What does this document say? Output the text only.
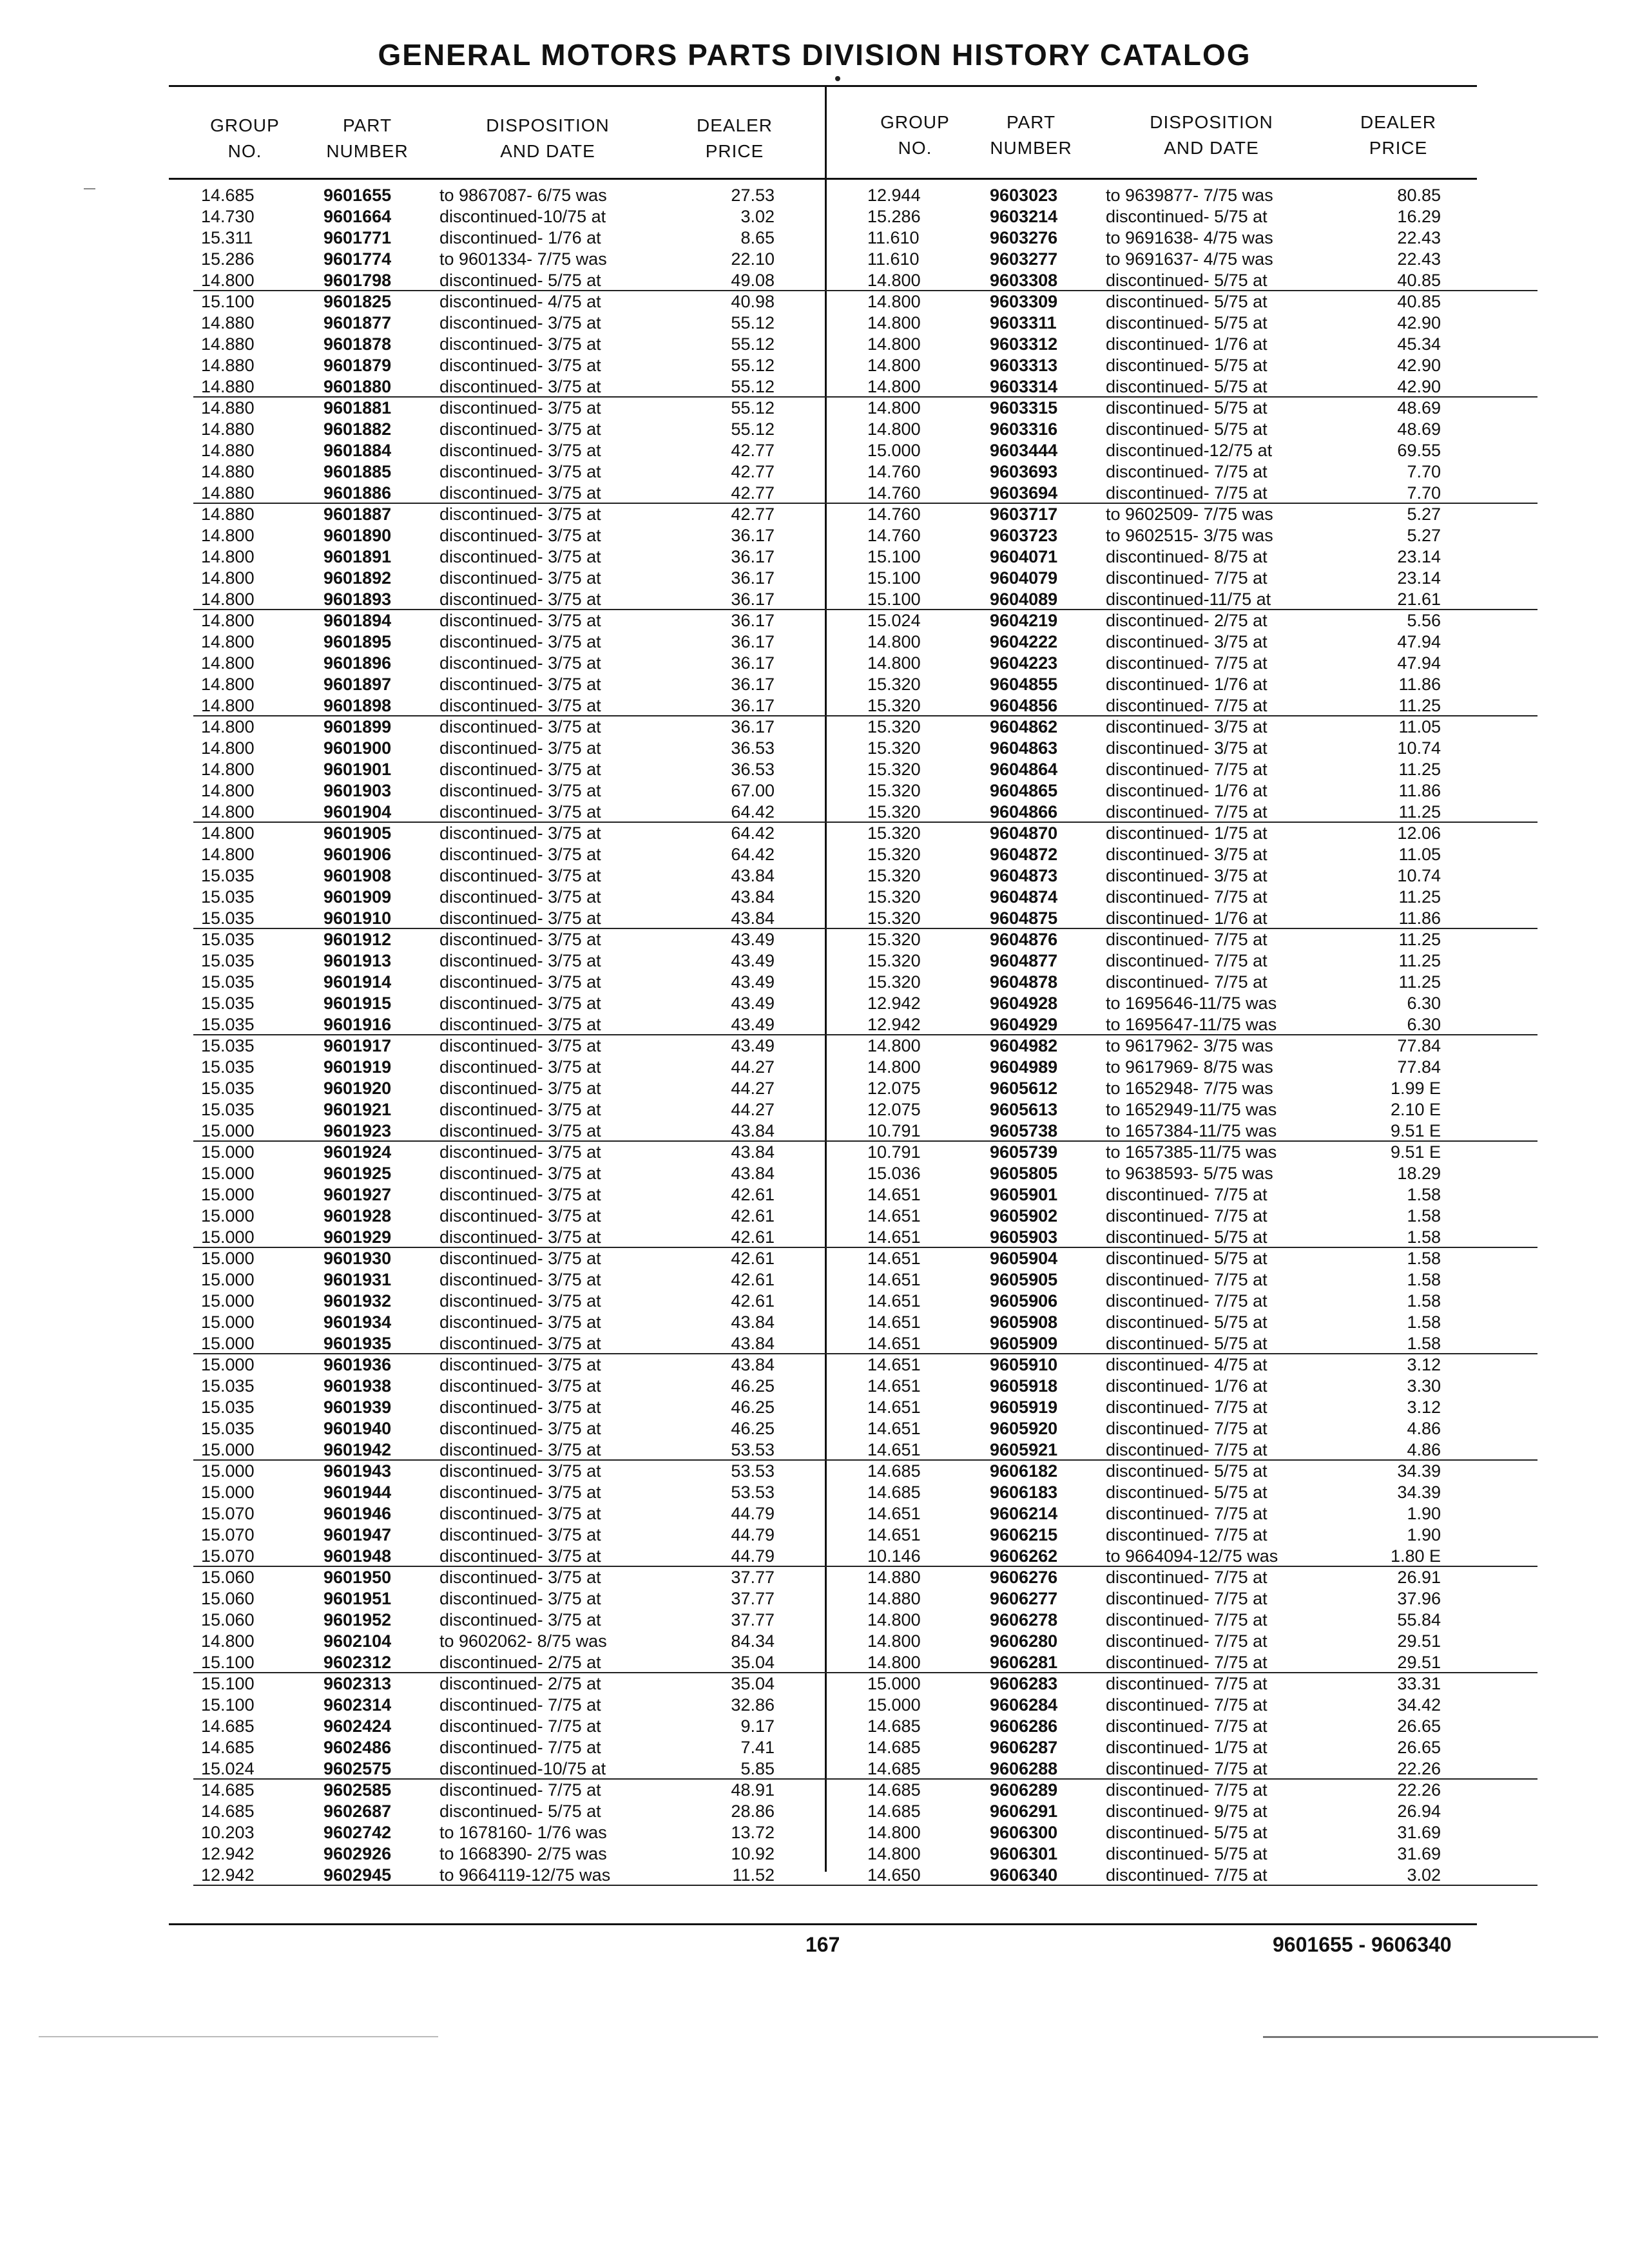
GENERAL MOTORS PARTS DIVISION HISTORY CATALOG
GROUP
NO.
PART
NUMBER
DISPOSITION
AND DATE
DEALER
PRICE
GROUP
NO.
PART
NUMBER
DISPOSITION
AND DATE
DEALER
PRICE
14.685	9601655	to 9867087- 6/75 was	27.53
14.730	9601664	discontinued-10/75 at	3.02
15.311	9601771	discontinued- 1/76 at	8.65
15.286	9601774	to 9601334- 7/75 was	22.10
14.800	9601798	discontinued- 5/75 at	49.08
15.100	9601825	discontinued- 4/75 at	40.98
14.880	9601877	discontinued- 3/75 at	55.12
14.880	9601878	discontinued- 3/75 at	55.12
14.880	9601879	discontinued- 3/75 at	55.12
14.880	9601880	discontinued- 3/75 at	55.12
14.880	9601881	discontinued- 3/75 at	55.12
14.880	9601882	discontinued- 3/75 at	55.12
14.880	9601884	discontinued- 3/75 at	42.77
14.880	9601885	discontinued- 3/75 at	42.77
14.880	9601886	discontinued- 3/75 at	42.77
14.880	9601887	discontinued- 3/75 at	42.77
14.800	9601890	discontinued- 3/75 at	36.17
14.800	9601891	discontinued- 3/75 at	36.17
14.800	9601892	discontinued- 3/75 at	36.17
14.800	9601893	discontinued- 3/75 at	36.17
14.800	9601894	discontinued- 3/75 at	36.17
14.800	9601895	discontinued- 3/75 at	36.17
14.800	9601896	discontinued- 3/75 at	36.17
14.800	9601897	discontinued- 3/75 at	36.17
14.800	9601898	discontinued- 3/75 at	36.17
14.800	9601899	discontinued- 3/75 at	36.17
14.800	9601900	discontinued- 3/75 at	36.53
14.800	9601901	discontinued- 3/75 at	36.53
14.800	9601903	discontinued- 3/75 at	67.00
14.800	9601904	discontinued- 3/75 at	64.42
14.800	9601905	discontinued- 3/75 at	64.42
14.800	9601906	discontinued- 3/75 at	64.42
15.035	9601908	discontinued- 3/75 at	43.84
15.035	9601909	discontinued- 3/75 at	43.84
15.035	9601910	discontinued- 3/75 at	43.84
15.035	9601912	discontinued- 3/75 at	43.49
15.035	9601913	discontinued- 3/75 at	43.49
15.035	9601914	discontinued- 3/75 at	43.49
15.035	9601915	discontinued- 3/75 at	43.49
15.035	9601916	discontinued- 3/75 at	43.49
15.035	9601917	discontinued- 3/75 at	43.49
15.035	9601919	discontinued- 3/75 at	44.27
15.035	9601920	discontinued- 3/75 at	44.27
15.035	9601921	discontinued- 3/75 at	44.27
15.000	9601923	discontinued- 3/75 at	43.84
15.000	9601924	discontinued- 3/75 at	43.84
15.000	9601925	discontinued- 3/75 at	43.84
15.000	9601927	discontinued- 3/75 at	42.61
15.000	9601928	discontinued- 3/75 at	42.61
15.000	9601929	discontinued- 3/75 at	42.61
15.000	9601930	discontinued- 3/75 at	42.61
15.000	9601931	discontinued- 3/75 at	42.61
15.000	9601932	discontinued- 3/75 at	42.61
15.000	9601934	discontinued- 3/75 at	43.84
15.000	9601935	discontinued- 3/75 at	43.84
15.000	9601936	discontinued- 3/75 at	43.84
15.035	9601938	discontinued- 3/75 at	46.25
15.035	9601939	discontinued- 3/75 at	46.25
15.035	9601940	discontinued- 3/75 at	46.25
15.000	9601942	discontinued- 3/75 at	53.53
15.000	9601943	discontinued- 3/75 at	53.53
15.000	9601944	discontinued- 3/75 at	53.53
15.070	9601946	discontinued- 3/75 at	44.79
15.070	9601947	discontinued- 3/75 at	44.79
15.070	9601948	discontinued- 3/75 at	44.79
15.060	9601950	discontinued- 3/75 at	37.77
15.060	9601951	discontinued- 3/75 at	37.77
15.060	9601952	discontinued- 3/75 at	37.77
14.800	9602104	to 9602062- 8/75 was	84.34
15.100	9602312	discontinued- 2/75 at	35.04
15.100	9602313	discontinued- 2/75 at	35.04
15.100	9602314	discontinued- 7/75 at	32.86
14.685	9602424	discontinued- 7/75 at	9.17
14.685	9602486	discontinued- 7/75 at	7.41
15.024	9602575	discontinued-10/75 at	5.85
14.685	9602585	discontinued- 7/75 at	48.91
14.685	9602687	discontinued- 5/75 at	28.86
10.203	9602742	to 1678160- 1/76 was	13.72
12.942	9602926	to 1668390- 2/75 was	10.92
12.942	9602945	to 9664119-12/75 was	11.52
12.944	9603023	to 9639877- 7/75 was	80.85
15.286	9603214	discontinued- 5/75 at	16.29
11.610	9603276	to 9691638- 4/75 was	22.43
11.610	9603277	to 9691637- 4/75 was	22.43
14.800	9603308	discontinued- 5/75 at	40.85
14.800	9603309	discontinued- 5/75 at	40.85
14.800	9603311	discontinued- 5/75 at	42.90
14.800	9603312	discontinued- 1/76 at	45.34
14.800	9603313	discontinued- 5/75 at	42.90
14.800	9603314	discontinued- 5/75 at	42.90
14.800	9603315	discontinued- 5/75 at	48.69
14.800	9603316	discontinued- 5/75 at	48.69
15.000	9603444	discontinued-12/75 at	69.55
14.760	9603693	discontinued- 7/75 at	7.70
14.760	9603694	discontinued- 7/75 at	7.70
14.760	9603717	to 9602509- 7/75 was	5.27
14.760	9603723	to 9602515- 3/75 was	5.27
15.100	9604071	discontinued- 8/75 at	23.14
15.100	9604079	discontinued- 7/75 at	23.14
15.100	9604089	discontinued-11/75 at	21.61
15.024	9604219	discontinued- 2/75 at	5.56
14.800	9604222	discontinued- 3/75 at	47.94
14.800	9604223	discontinued- 7/75 at	47.94
15.320	9604855	discontinued- 1/76 at	11.86
15.320	9604856	discontinued- 7/75 at	11.25
15.320	9604862	discontinued- 3/75 at	11.05
15.320	9604863	discontinued- 3/75 at	10.74
15.320	9604864	discontinued- 7/75 at	11.25
15.320	9604865	discontinued- 1/76 at	11.86
15.320	9604866	discontinued- 7/75 at	11.25
15.320	9604870	discontinued- 1/75 at	12.06
15.320	9604872	discontinued- 3/75 at	11.05
15.320	9604873	discontinued- 3/75 at	10.74
15.320	9604874	discontinued- 7/75 at	11.25
15.320	9604875	discontinued- 1/76 at	11.86
15.320	9604876	discontinued- 7/75 at	11.25
15.320	9604877	discontinued- 7/75 at	11.25
15.320	9604878	discontinued- 7/75 at	11.25
12.942	9604928	to 1695646-11/75 was	6.30
12.942	9604929	to 1695647-11/75 was	6.30
14.800	9604982	to 9617962- 3/75 was	77.84
14.800	9604989	to 9617969- 8/75 was	77.84
12.075	9605612	to 1652948- 7/75 was	1.99 E
12.075	9605613	to 1652949-11/75 was	2.10 E
10.791	9605738	to 1657384-11/75 was	9.51 E
10.791	9605739	to 1657385-11/75 was	9.51 E
15.036	9605805	to 9638593- 5/75 was	18.29
14.651	9605901	discontinued- 7/75 at	1.58
14.651	9605902	discontinued- 7/75 at	1.58
14.651	9605903	discontinued- 5/75 at	1.58
14.651	9605904	discontinued- 5/75 at	1.58
14.651	9605905	discontinued- 7/75 at	1.58
14.651	9605906	discontinued- 7/75 at	1.58
14.651	9605908	discontinued- 5/75 at	1.58
14.651	9605909	discontinued- 5/75 at	1.58
14.651	9605910	discontinued- 4/75 at	3.12
14.651	9605918	discontinued- 1/76 at	3.30
14.651	9605919	discontinued- 7/75 at	3.12
14.651	9605920	discontinued- 7/75 at	4.86
14.651	9605921	discontinued- 7/75 at	4.86
14.685	9606182	discontinued- 5/75 at	34.39
14.685	9606183	discontinued- 5/75 at	34.39
14.651	9606214	discontinued- 7/75 at	1.90
14.651	9606215	discontinued- 7/75 at	1.90
10.146	9606262	to 9664094-12/75 was	1.80 E
14.880	9606276	discontinued- 7/75 at	26.91
14.880	9606277	discontinued- 7/75 at	37.96
14.800	9606278	discontinued- 7/75 at	55.84
14.800	9606280	discontinued- 7/75 at	29.51
14.800	9606281	discontinued- 7/75 at	29.51
15.000	9606283	discontinued- 7/75 at	33.31
15.000	9606284	discontinued- 7/75 at	34.42
14.685	9606286	discontinued- 7/75 at	26.65
14.685	9606287	discontinued- 1/75 at	26.65
14.685	9606288	discontinued- 7/75 at	22.26
14.685	9606289	discontinued- 7/75 at	22.26
14.685	9606291	discontinued- 9/75 at	26.94
14.800	9606300	discontinued- 5/75 at	31.69
14.800	9606301	discontinued- 5/75 at	31.69
14.650	9606340	discontinued- 7/75 at	3.02
167	9601655 - 9606340
